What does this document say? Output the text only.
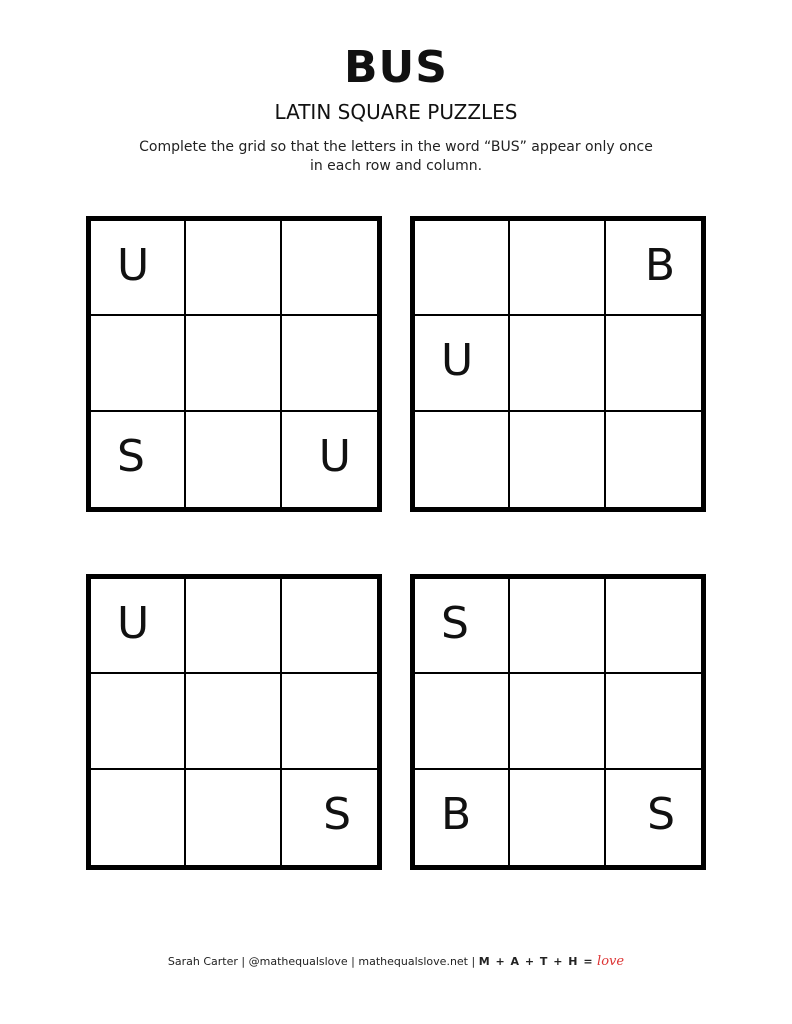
BUS
LATIN SQUARE PUZZLES
Complete the grid so that the letters in the word “BUS” appear only once
in each row and column.
U
S	U
B
U
U
S
S
B	S
Sarah Carter | @mathequalslove | mathequalslove.net | M + A + T + H = love
